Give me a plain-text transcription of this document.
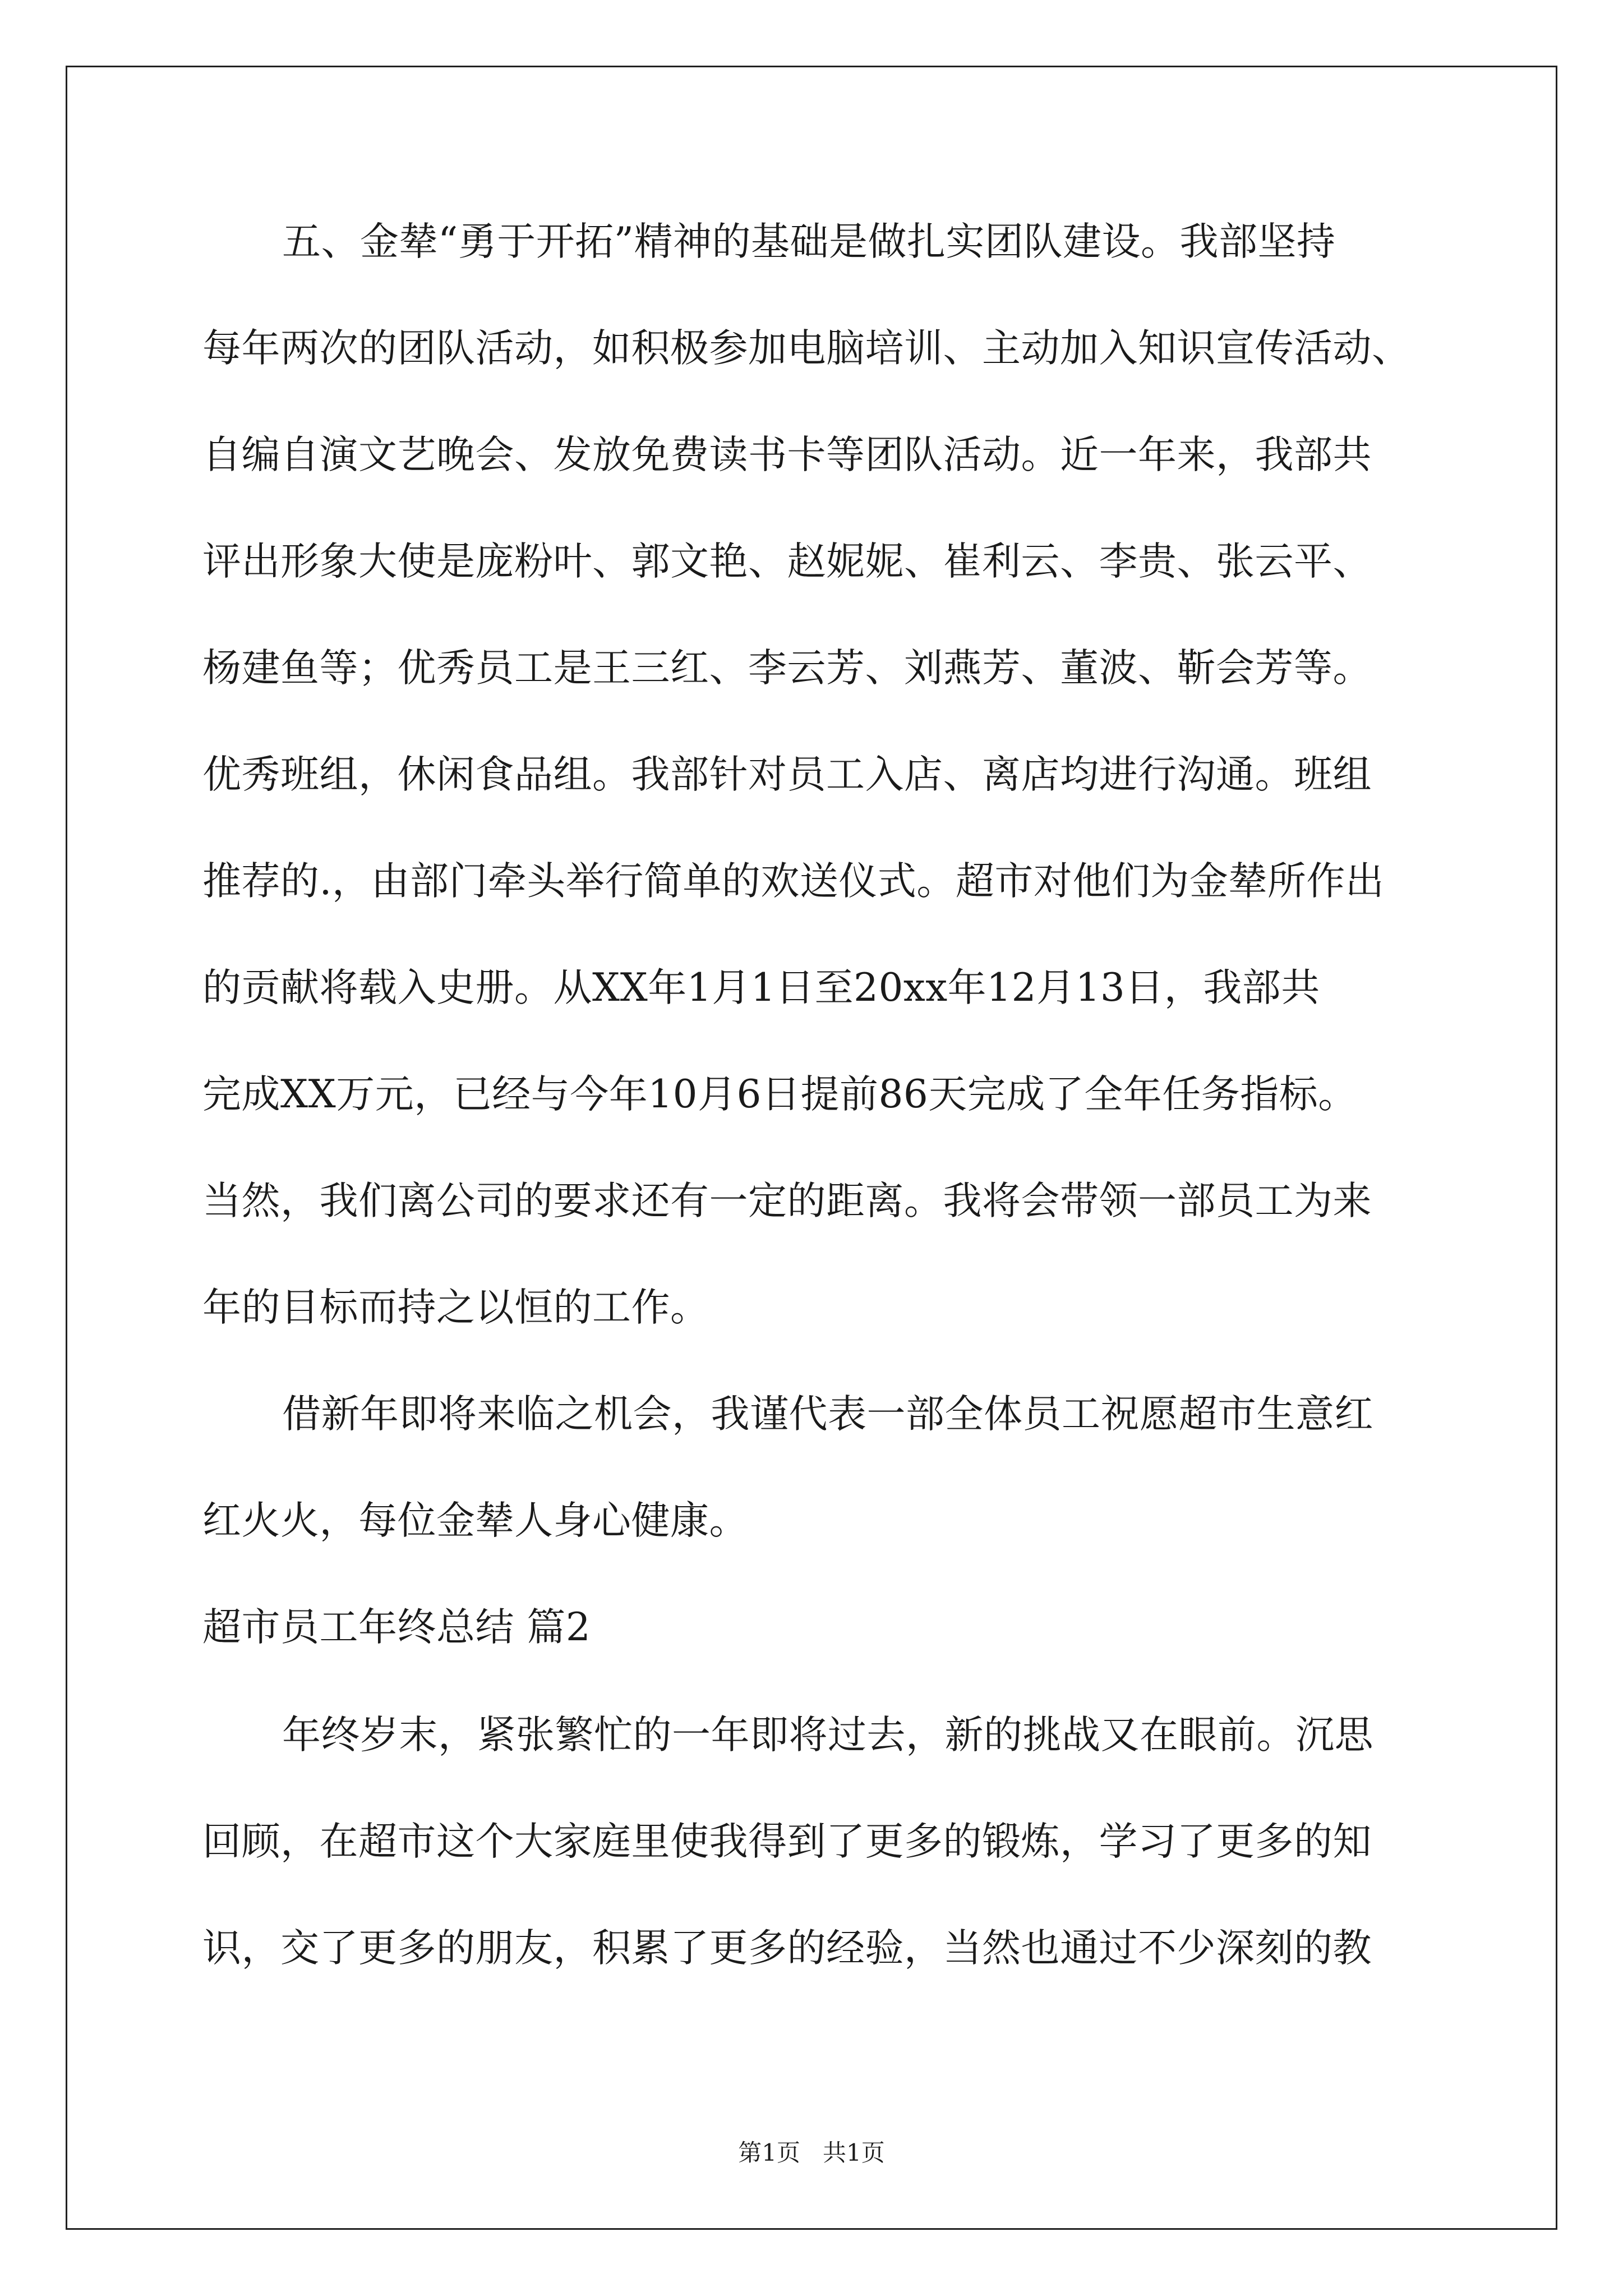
五、金辇“勇于开拓”精神的基础是做扎实团队建设。我部坚持

每年两次的团队活动，如积极参加电脑培训、主动加入知识宣传活动、

自编自演文艺晚会、发放免费读书卡等团队活动。近一年来，我部共

评出形象大使是庞粉叶、郭文艳、赵妮妮、崔利云、李贵、张云平、

杨建鱼等；优秀员工是王三红、李云芳、刘燕芳、董波、靳会芳等。

优秀班组，休闲食品组。我部针对员工入店、离店均进行沟通。班组

推荐的.，由部门牵头举行简单的欢送仪式。超市对他们为金辇所作出

的贡献将载入史册。从XX年1月1日至20xx年12月13日，我部共

完成XX万元，已经与今年10月6日提前86天完成了全年任务指标。

当然，我们离公司的要求还有一定的距离。我将会带领一部员工为来

年的目标而持之以恒的工作。

借新年即将来临之机会，我谨代表一部全体员工祝愿超市生意红

红火火，每位金辇人身心健康。

超市员工年终总结 篇2

年终岁末，紧张繁忙的一年即将过去，新的挑战又在眼前。沉思

回顾，在超市这个大家庭里使我得到了更多的锻炼，学习了更多的知

识，交了更多的朋友，积累了更多的经验，当然也通过不少深刻的教

第1页   共1页
